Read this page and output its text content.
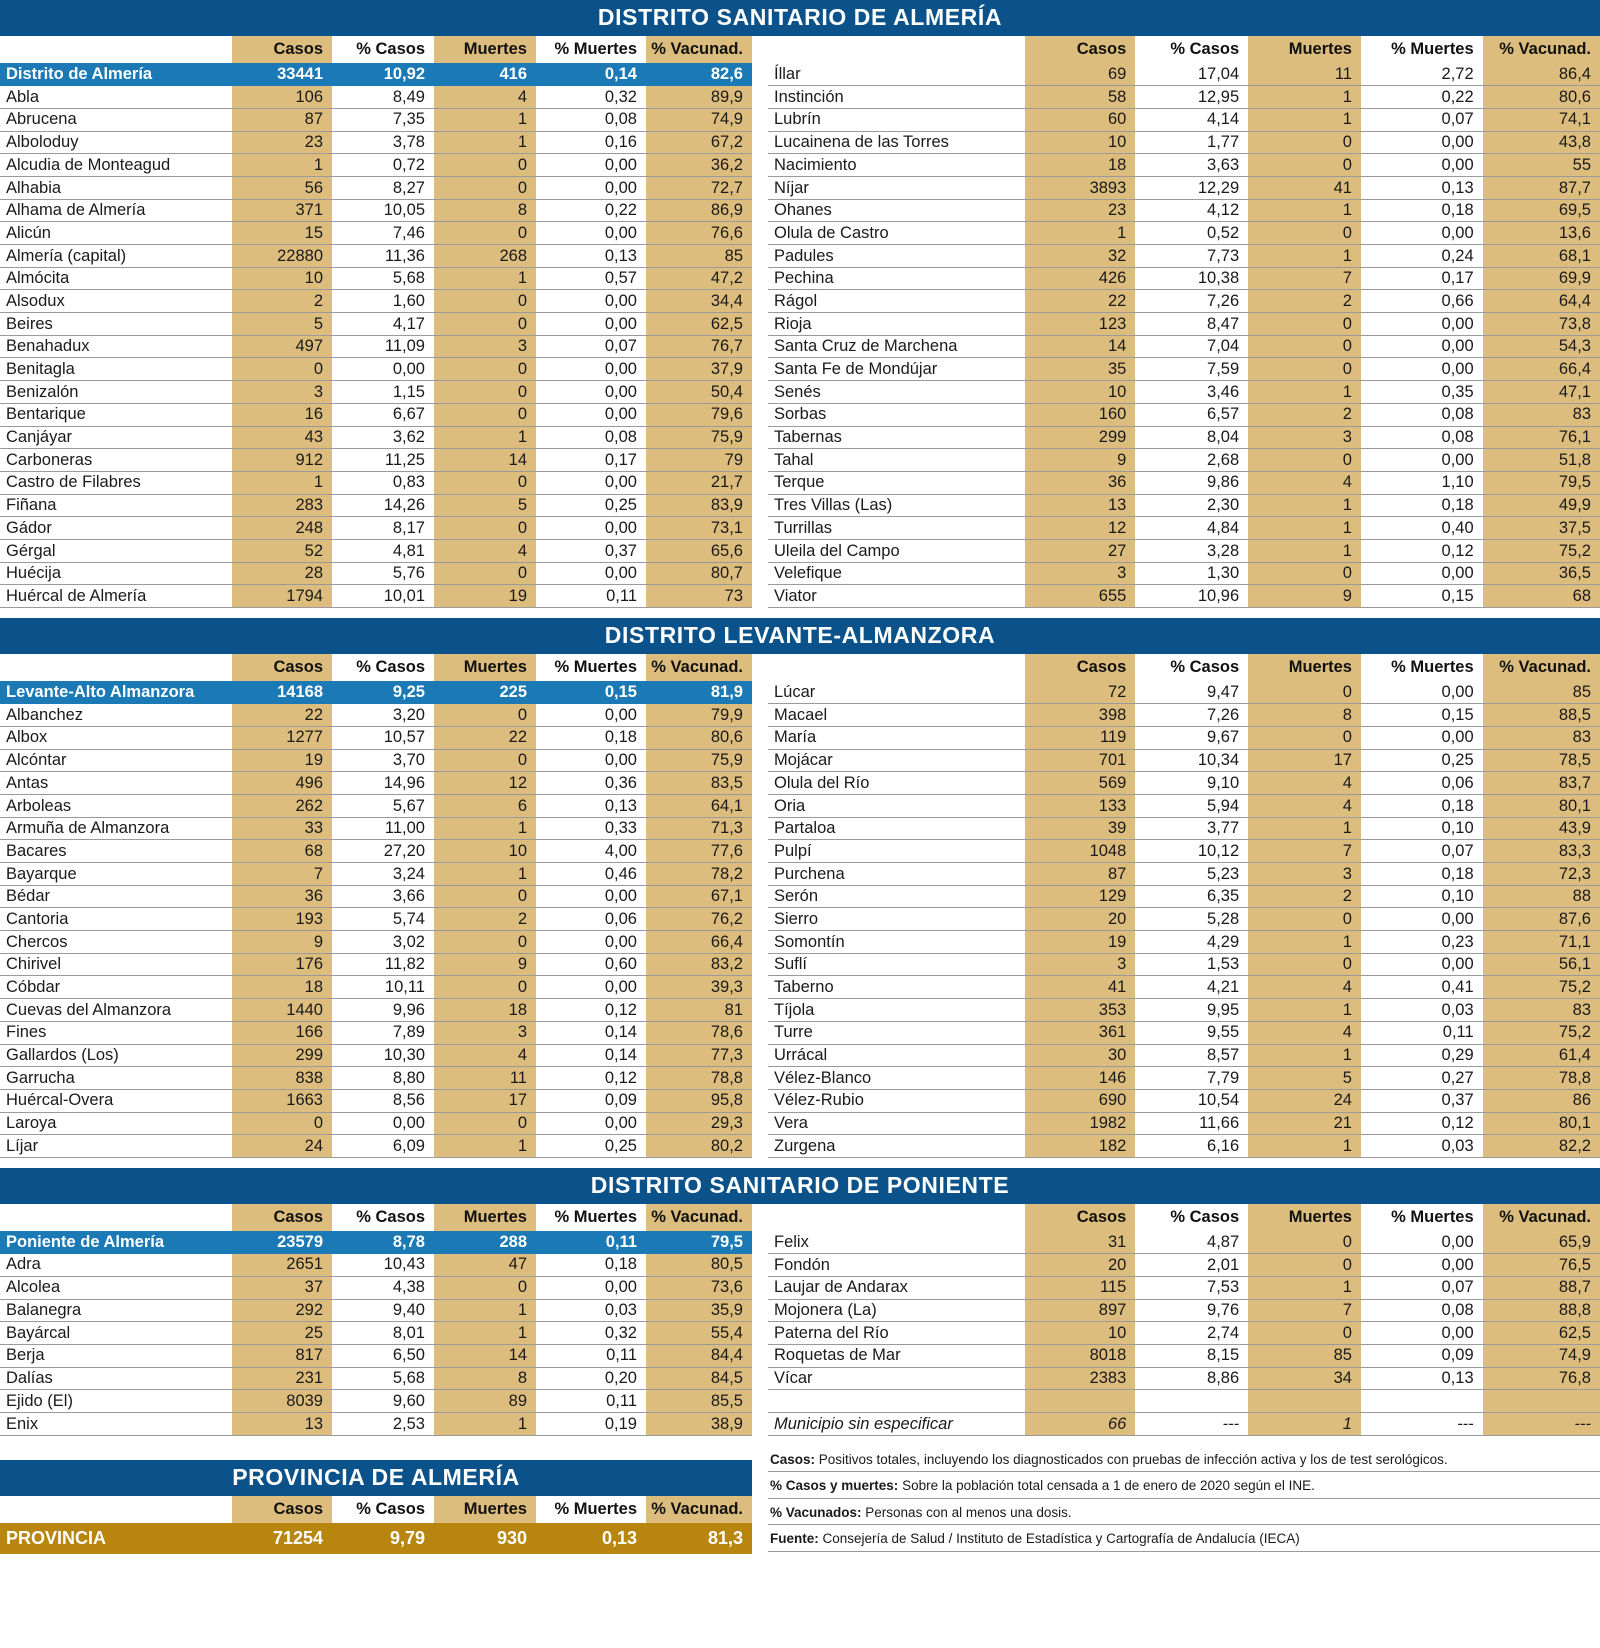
DISTRITO SANITARIO DE ALMERÍA
	Casos	% Casos	Muertes	% Muertes	% Vacunad.
Distrito de Almería	33441	10,92	416	0,14	82,6
Abla	106	8,49	4	0,32	89,9
Abrucena	87	7,35	1	0,08	74,9
Alboloduy	23	3,78	1	0,16	67,2
Alcudia de Monteagud	1	0,72	0	0,00	36,2
Alhabia	56	8,27	0	0,00	72,7
Alhama de Almería	371	10,05	8	0,22	86,9
Alicún	15	7,46	0	0,00	76,6
Almería (capital)	22880	11,36	268	0,13	85
Almócita	10	5,68	1	0,57	47,2
Alsodux	2	1,60	0	0,00	34,4
Beires	5	4,17	0	0,00	62,5
Benahadux	497	11,09	3	0,07	76,7
Benitagla	0	0,00	0	0,00	37,9
Benizalón	3	1,15	0	0,00	50,4
Bentarique	16	6,67	0	0,00	79,6
Canjáyar	43	3,62	1	0,08	75,9
Carboneras	912	11,25	14	0,17	79
Castro de Filabres	1	0,83	0	0,00	21,7
Fiñana	283	14,26	5	0,25	83,9
Gádor	248	8,17	0	0,00	73,1
Gérgal	52	4,81	4	0,37	65,6
Huécija	28	5,76	0	0,00	80,7
Huércal de Almería	1794	10,01	19	0,11	73
	Casos	% Casos	Muertes	% Muertes	% Vacunad.
Íllar	69	17,04	11	2,72	86,4
Instinción	58	12,95	1	0,22	80,6
Lubrín	60	4,14	1	0,07	74,1
Lucainena de las Torres	10	1,77	0	0,00	43,8
Nacimiento	18	3,63	0	0,00	55
Níjar	3893	12,29	41	0,13	87,7
Ohanes	23	4,12	1	0,18	69,5
Olula de Castro	1	0,52	0	0,00	13,6
Padules	32	7,73	1	0,24	68,1
Pechina	426	10,38	7	0,17	69,9
Rágol	22	7,26	2	0,66	64,4
Rioja	123	8,47	0	0,00	73,8
Santa Cruz de Marchena	14	7,04	0	0,00	54,3
Santa Fe de Mondújar	35	7,59	0	0,00	66,4
Senés	10	3,46	1	0,35	47,1
Sorbas	160	6,57	2	0,08	83
Tabernas	299	8,04	3	0,08	76,1
Tahal	9	2,68	0	0,00	51,8
Terque	36	9,86	4	1,10	79,5
Tres Villas (Las)	13	2,30	1	0,18	49,9
Turrillas	12	4,84	1	0,40	37,5
Uleila del Campo	27	3,28	1	0,12	75,2
Velefique	3	1,30	0	0,00	36,5
Viator	655	10,96	9	0,15	68
DISTRITO LEVANTE-ALMANZORA
	Casos	% Casos	Muertes	% Muertes	% Vacunad.
Levante-Alto Almanzora	14168	9,25	225	0,15	81,9
Albanchez	22	3,20	0	0,00	79,9
Albox	1277	10,57	22	0,18	80,6
Alcóntar	19	3,70	0	0,00	75,9
Antas	496	14,96	12	0,36	83,5
Arboleas	262	5,67	6	0,13	64,1
Armuña de Almanzora	33	11,00	1	0,33	71,3
Bacares	68	27,20	10	4,00	77,6
Bayarque	7	3,24	1	0,46	78,2
Bédar	36	3,66	0	0,00	67,1
Cantoria	193	5,74	2	0,06	76,2
Chercos	9	3,02	0	0,00	66,4
Chirivel	176	11,82	9	0,60	83,2
Cóbdar	18	10,11	0	0,00	39,3
Cuevas del Almanzora	1440	9,96	18	0,12	81
Fines	166	7,89	3	0,14	78,6
Gallardos (Los)	299	10,30	4	0,14	77,3
Garrucha	838	8,80	11	0,12	78,8
Huércal-Overa	1663	8,56	17	0,09	95,8
Laroya	0	0,00	0	0,00	29,3
Líjar	24	6,09	1	0,25	80,2
	Casos	% Casos	Muertes	% Muertes	% Vacunad.
Lúcar	72	9,47	0	0,00	85
Macael	398	7,26	8	0,15	88,5
María	119	9,67	0	0,00	83
Mojácar	701	10,34	17	0,25	78,5
Olula del Río	569	9,10	4	0,06	83,7
Oria	133	5,94	4	0,18	80,1
Partaloa	39	3,77	1	0,10	43,9
Pulpí	1048	10,12	7	0,07	83,3
Purchena	87	5,23	3	0,18	72,3
Serón	129	6,35	2	0,10	88
Sierro	20	5,28	0	0,00	87,6
Somontín	19	4,29	1	0,23	71,1
Suflí	3	1,53	0	0,00	56,1
Taberno	41	4,21	4	0,41	75,2
Tíjola	353	9,95	1	0,03	83
Turre	361	9,55	4	0,11	75,2
Urrácal	30	8,57	1	0,29	61,4
Vélez-Blanco	146	7,79	5	0,27	78,8
Vélez-Rubio	690	10,54	24	0,37	86
Vera	1982	11,66	21	0,12	80,1
Zurgena	182	6,16	1	0,03	82,2
DISTRITO SANITARIO DE PONIENTE
	Casos	% Casos	Muertes	% Muertes	% Vacunad.
Poniente de Almería	23579	8,78	288	0,11	79,5
Adra	2651	10,43	47	0,18	80,5
Alcolea	37	4,38	0	0,00	73,6
Balanegra	292	9,40	1	0,03	35,9
Bayárcal	25	8,01	1	0,32	55,4
Berja	817	6,50	14	0,11	84,4
Dalías	231	5,68	8	0,20	84,5
Ejido (El)	8039	9,60	89	0,11	85,5
Enix	13	2,53	1	0,19	38,9
	Casos	% Casos	Muertes	% Muertes	% Vacunad.
Felix	31	4,87	0	0,00	65,9
Fondón	20	2,01	0	0,00	76,5
Laujar de Andarax	115	7,53	1	0,07	88,7
Mojonera (La)	897	9,76	7	0,08	88,8
Paterna del Río	10	2,74	0	0,00	62,5
Roquetas de Mar	8018	8,15	85	0,09	74,9
Vícar	2383	8,86	34	0,13	76,8

Municipio sin especificar	66	---	1	---	---
PROVINCIA DE ALMERÍA
	Casos	% Casos	Muertes	% Muertes	% Vacunad.
PROVINCIA	71254	9,79	930	0,13	81,3
Casos: Positivos totales, incluyendo los diagnosticados con pruebas de infección activa y los de test serológicos.
% Casos y muertes: Sobre la población total censada a 1 de enero de 2020 según el INE.
% Vacunados: Personas con al menos una dosis.
Fuente: Consejería de Salud / Instituto de Estadística y Cartografía de Andalucía (IECA)
